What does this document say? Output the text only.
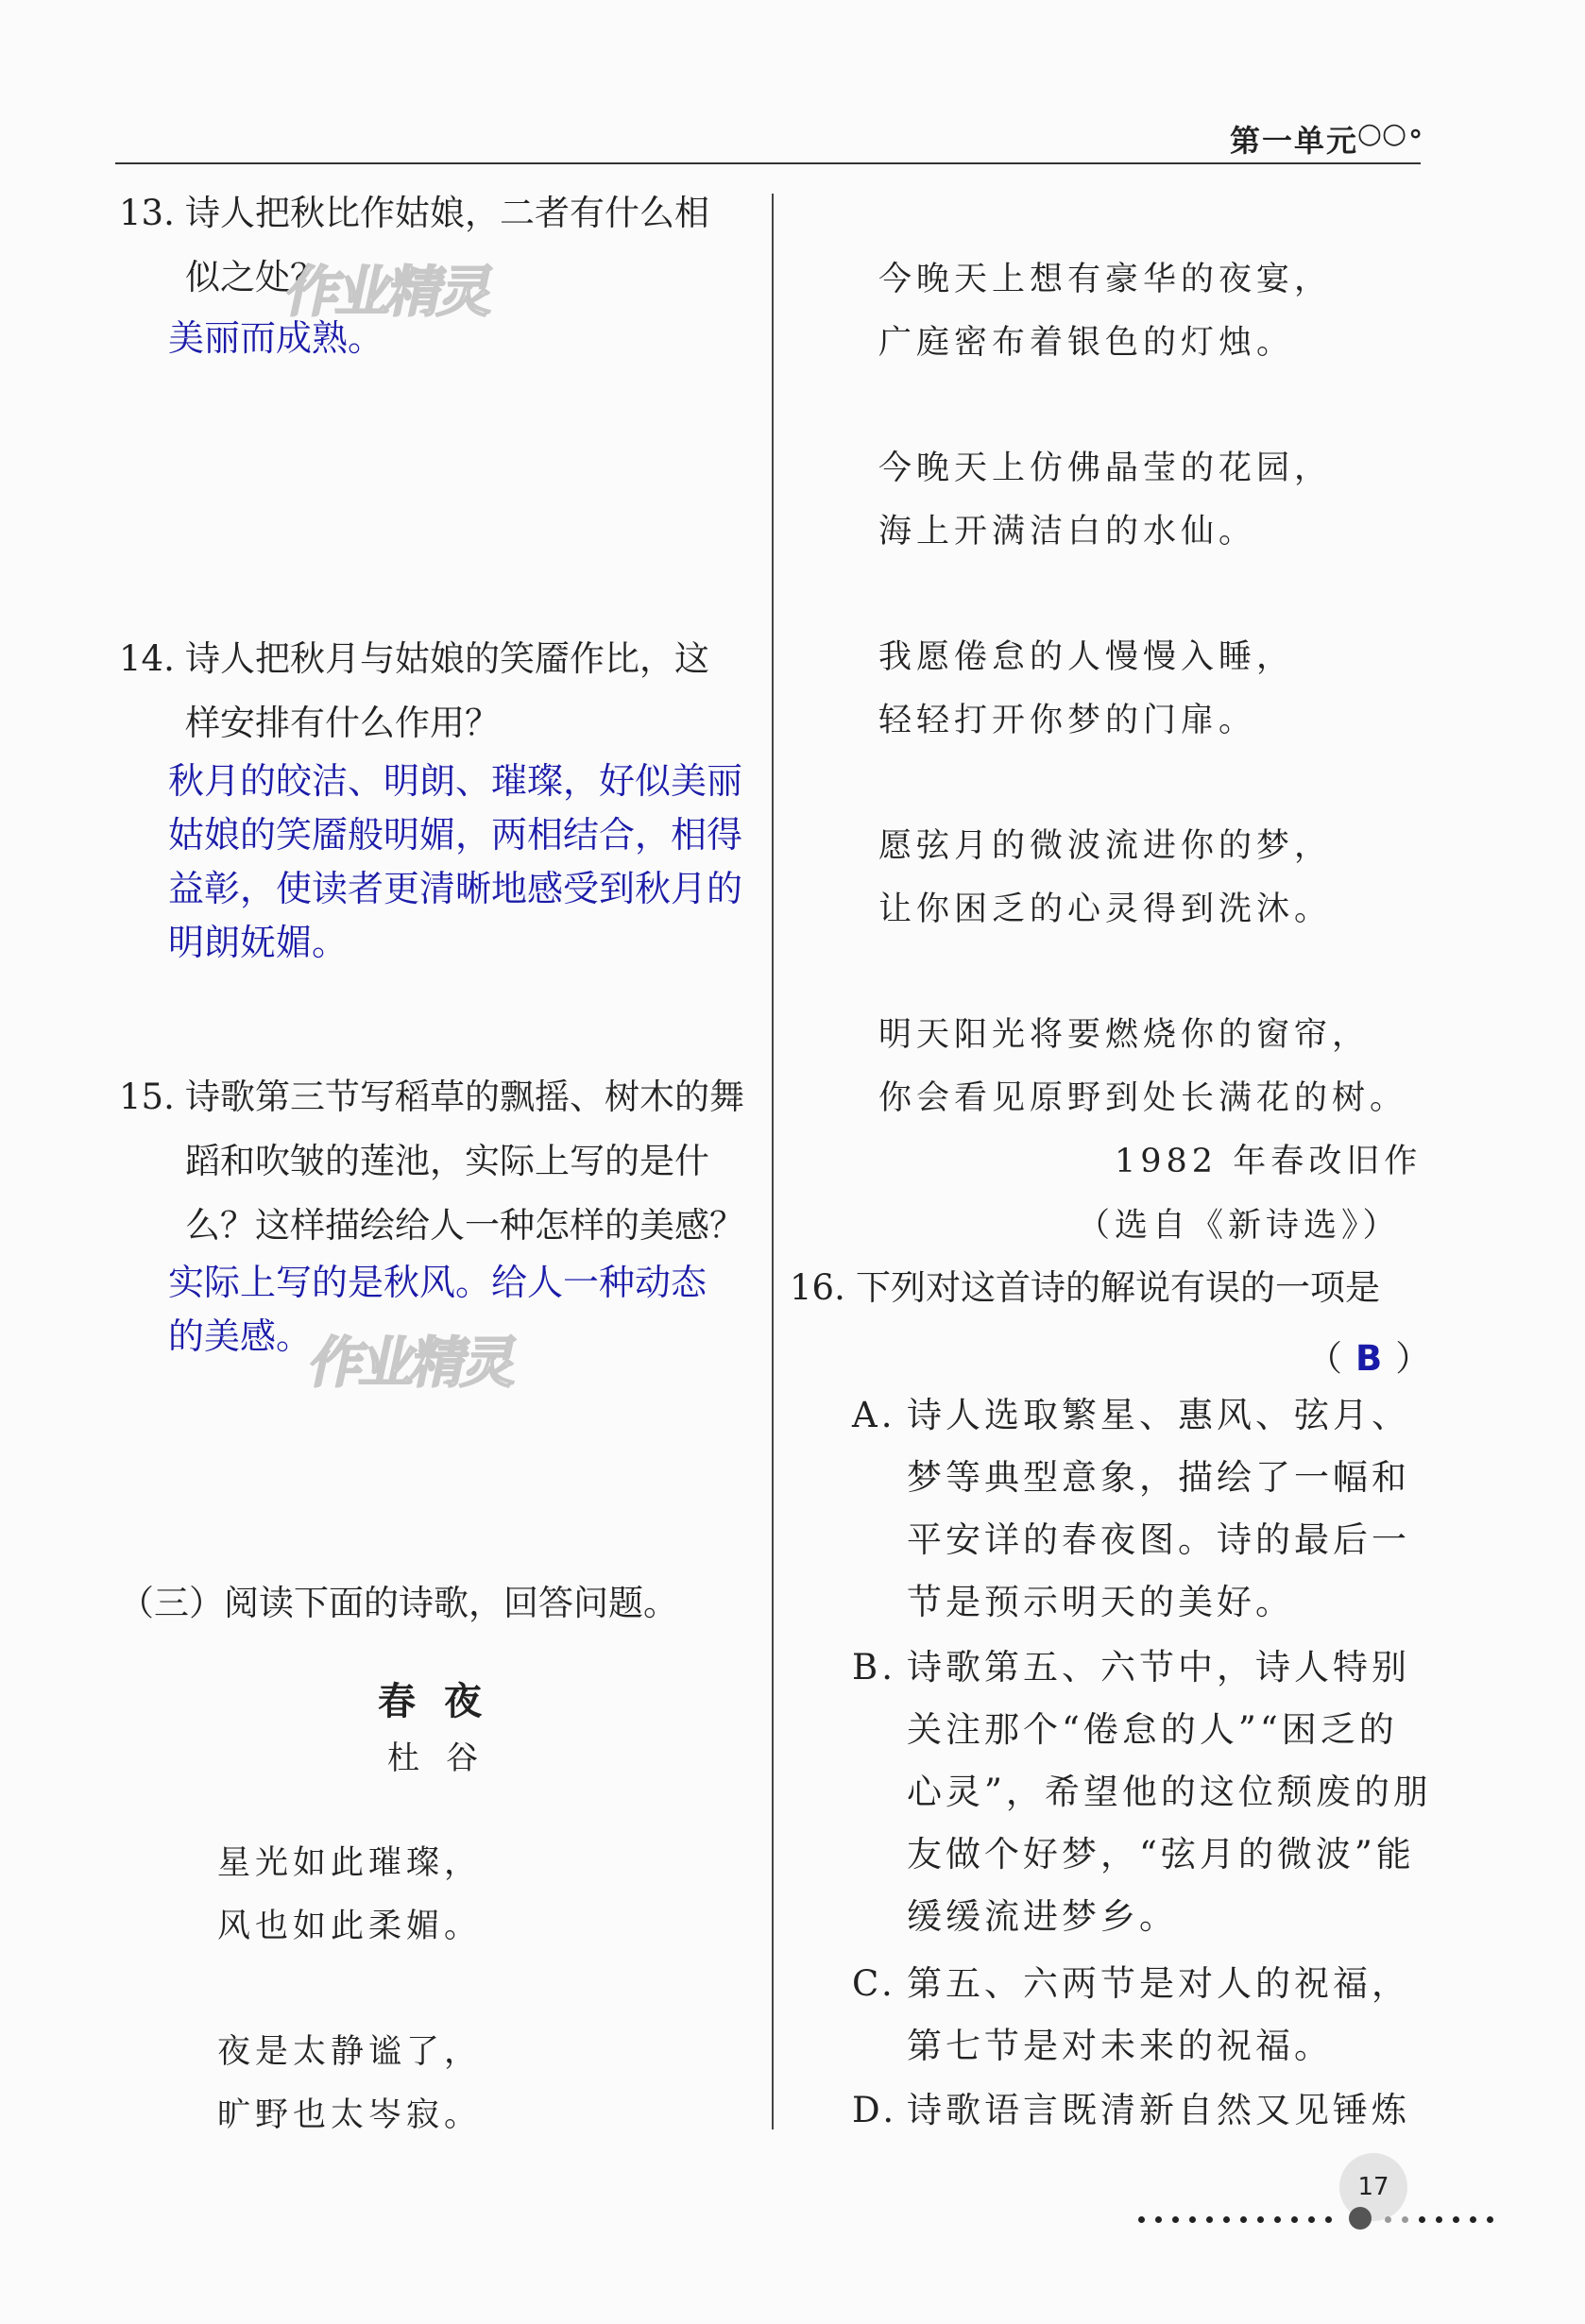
第一单元
○○∘
13. 诗人把秋比作姑娘，二者有什么相
似之处？
作业精灵
美丽而成熟。
14. 诗人把秋月与姑娘的笑靥作比，这
样安排有什么作用？
秋月的皎洁、明朗、璀璨，好似美丽
姑娘的笑靥般明媚，两相结合，相得
益彰，使读者更清晰地感受到秋月的
明朗妩媚。
15. 诗歌第三节写稻草的飘摇、树木的舞
蹈和吹皱的莲池，实际上写的是什
么？这样描绘给人一种怎样的美感？
实际上写的是秋风。给人一种动态
的美感。
作业精灵
（三）阅读下面的诗歌，回答问题。
春夜
杜谷
星光如此璀璨，
风也如此柔媚。
夜是太静谧了，
旷野也太岑寂。
今晚天上想有豪华的夜宴，
广庭密布着银色的灯烛。
今晚天上仿佛晶莹的花园，
海上开满洁白的水仙。
我愿倦怠的人慢慢入睡，
轻轻打开你梦的门扉。
愿弦月的微波流进你的梦，
让你困乏的心灵得到洗沐。
明天阳光将要燃烧你的窗帘，
你会看见原野到处长满花的树。
1982 年春改旧作
（选自《新诗选》）
16. 下列对这首诗的解说有误的一项是
（ B ）
A. 诗人选取繁星、惠风、弦月、
梦等典型意象，描绘了一幅和
平安详的春夜图。诗的最后一
节是预示明天的美好。
B. 诗歌第五、六节中，诗人特别
关注那个“倦怠的人”“困乏的
心灵”，希望他的这位颓废的朋
友做个好梦，“弦月的微波”能
缓缓流进梦乡。
C. 第五、六两节是对人的祝福，
第七节是对未来的祝福。
D. 诗歌语言既清新自然又见锤炼
17
